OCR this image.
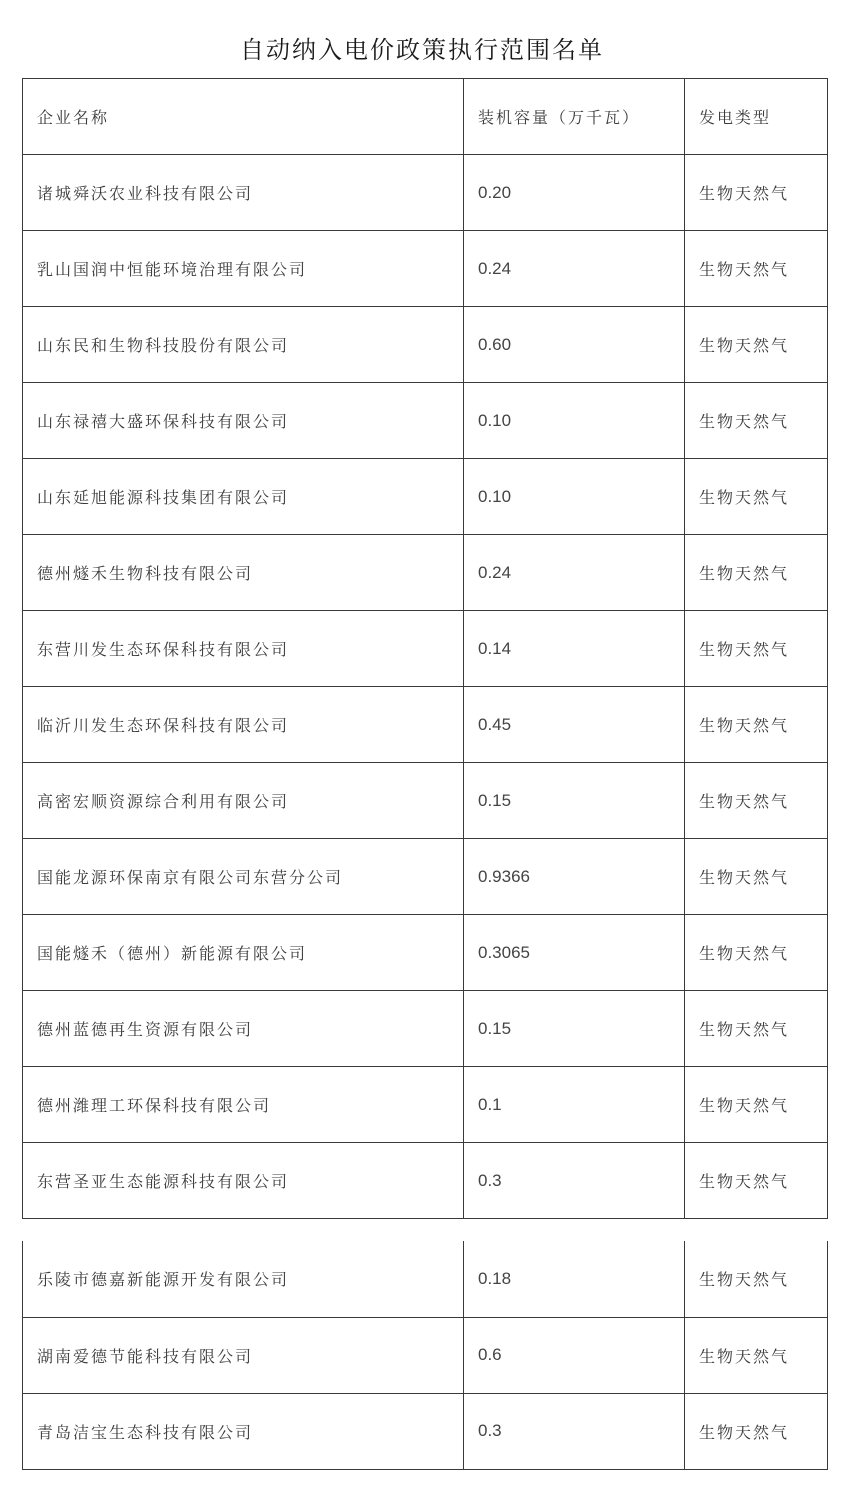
自动纳入电价政策执行范围名单
企业名称	装机容量（万千瓦）	发电类型
诸城舜沃农业科技有限公司	0.20	生物天然气
乳山国润中恒能环境治理有限公司	0.24	生物天然气
山东民和生物科技股份有限公司	0.60	生物天然气
山东禄禧大盛环保科技有限公司	0.10	生物天然气
山东延旭能源科技集团有限公司	0.10	生物天然气
德州燧禾生物科技有限公司	0.24	生物天然气
东营川发生态环保科技有限公司	0.14	生物天然气
临沂川发生态环保科技有限公司	0.45	生物天然气
高密宏顺资源综合利用有限公司	0.15	生物天然气
国能龙源环保南京有限公司东营分公司	0.9366	生物天然气
国能燧禾（德州）新能源有限公司	0.3065	生物天然气
德州蓝德再生资源有限公司	0.15	生物天然气
德州潍理工环保科技有限公司	0.1	生物天然气
东营圣亚生态能源科技有限公司	0.3	生物天然气
乐陵市德嘉新能源开发有限公司	0.18	生物天然气
湖南爱德节能科技有限公司	0.6	生物天然气
青岛洁宝生态科技有限公司	0.3	生物天然气
